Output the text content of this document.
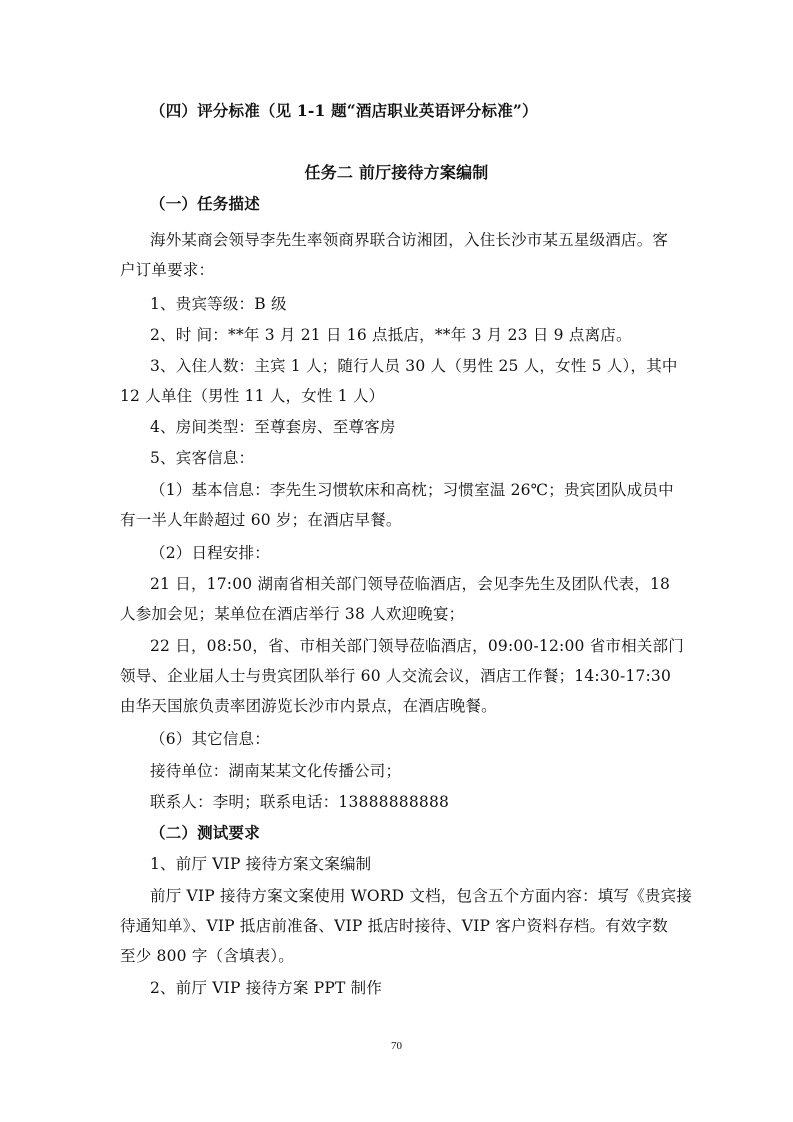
（四）评分标准（见 1-1 题“酒店职业英语评分标准”）
任务二 前厅接待方案编制
（一）任务描述
海外某商会领导李先生率领商界联合访湘团，入住长沙市某五星级酒店。客
户订单要求：
1、贵宾等级：B 级
2、时 间：**年 3 月 21 日 16 点抵店，**年 3 月 23 日 9 点离店。
3、入住人数：主宾 1 人；随行人员 30 人（男性 25 人，女性 5 人），其中
12 人单住（男性 11 人，女性 1 人）
4、房间类型：至尊套房、至尊客房
5、宾客信息：
（1）基本信息：李先生习惯软床和高枕；习惯室温 26℃；贵宾团队成员中
有一半人年龄超过 60 岁；在酒店早餐。
（2）日程安排：
21 日，17:00 湖南省相关部门领导莅临酒店，会见李先生及团队代表，18
人参加会见；某单位在酒店举行 38 人欢迎晚宴；
22 日，08:50，省、市相关部门领导莅临酒店，09:00-12:00 省市相关部门
领导、企业届人士与贵宾团队举行 60 人交流会议，酒店工作餐；14:30-17:30
由华天国旅负责率团游览长沙市内景点，在酒店晚餐。
（6）其它信息：
接待单位：湖南某某文化传播公司；
联系人：李明；联系电话：13888888888
（二）测试要求
1、前厅 VIP 接待方案文案编制
前厅 VIP 接待方案文案使用 WORD 文档，包含五个方面内容：填写《贵宾接
待通知单》、VIP 抵店前准备、VIP 抵店时接待、VIP 客户资料存档。有效字数
至少 800 字（含填表）。
2、前厅 VIP 接待方案 PPT 制作
70
